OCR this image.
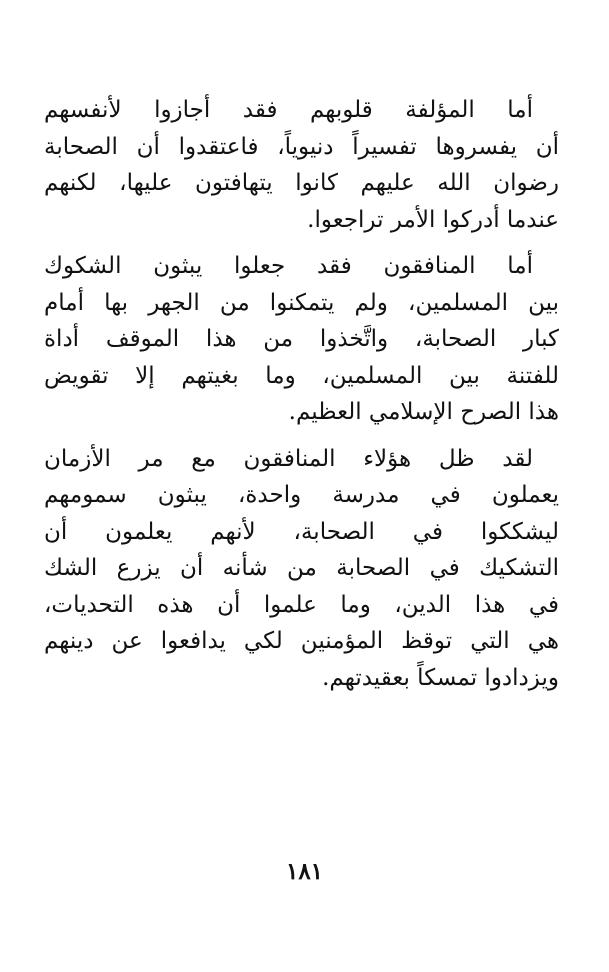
أما المؤلفة قلوبهم فقد أجازوا لأنفسهم
أن يفسروها تفسيراً دنيوياً، فاعتقدوا أن الصحابة
رضوان الله عليهم كانوا يتهافتون عليها، لكنهم
عندما أدركوا الأمر تراجعوا.
أما المنافقون فقد جعلوا يبثون الشكوك
بين المسلمين، ولم يتمكنوا من الجهر بها أمام
كبار الصحابة، واتَّخذوا من هذا الموقف أداة
للفتنة بين المسلمين، وما بغيتهم إلا تقويض
هذا الصرح الإسلامي العظيم.
لقد ظل هؤلاء المنافقون مع مر الأزمان
يعملون في مدرسة واحدة، يبثون سمومهم
ليشككوا في الصحابة، لأنهم يعلمون أن
التشكيك في الصحابة من شأنه أن يزرع الشك
في هذا الدين، وما علموا أن هذه التحديات،
هي التي توقظ المؤمنين لكي يدافعوا عن دينهم
ويزدادوا تمسكاً بعقيدتهم.
١٨١
